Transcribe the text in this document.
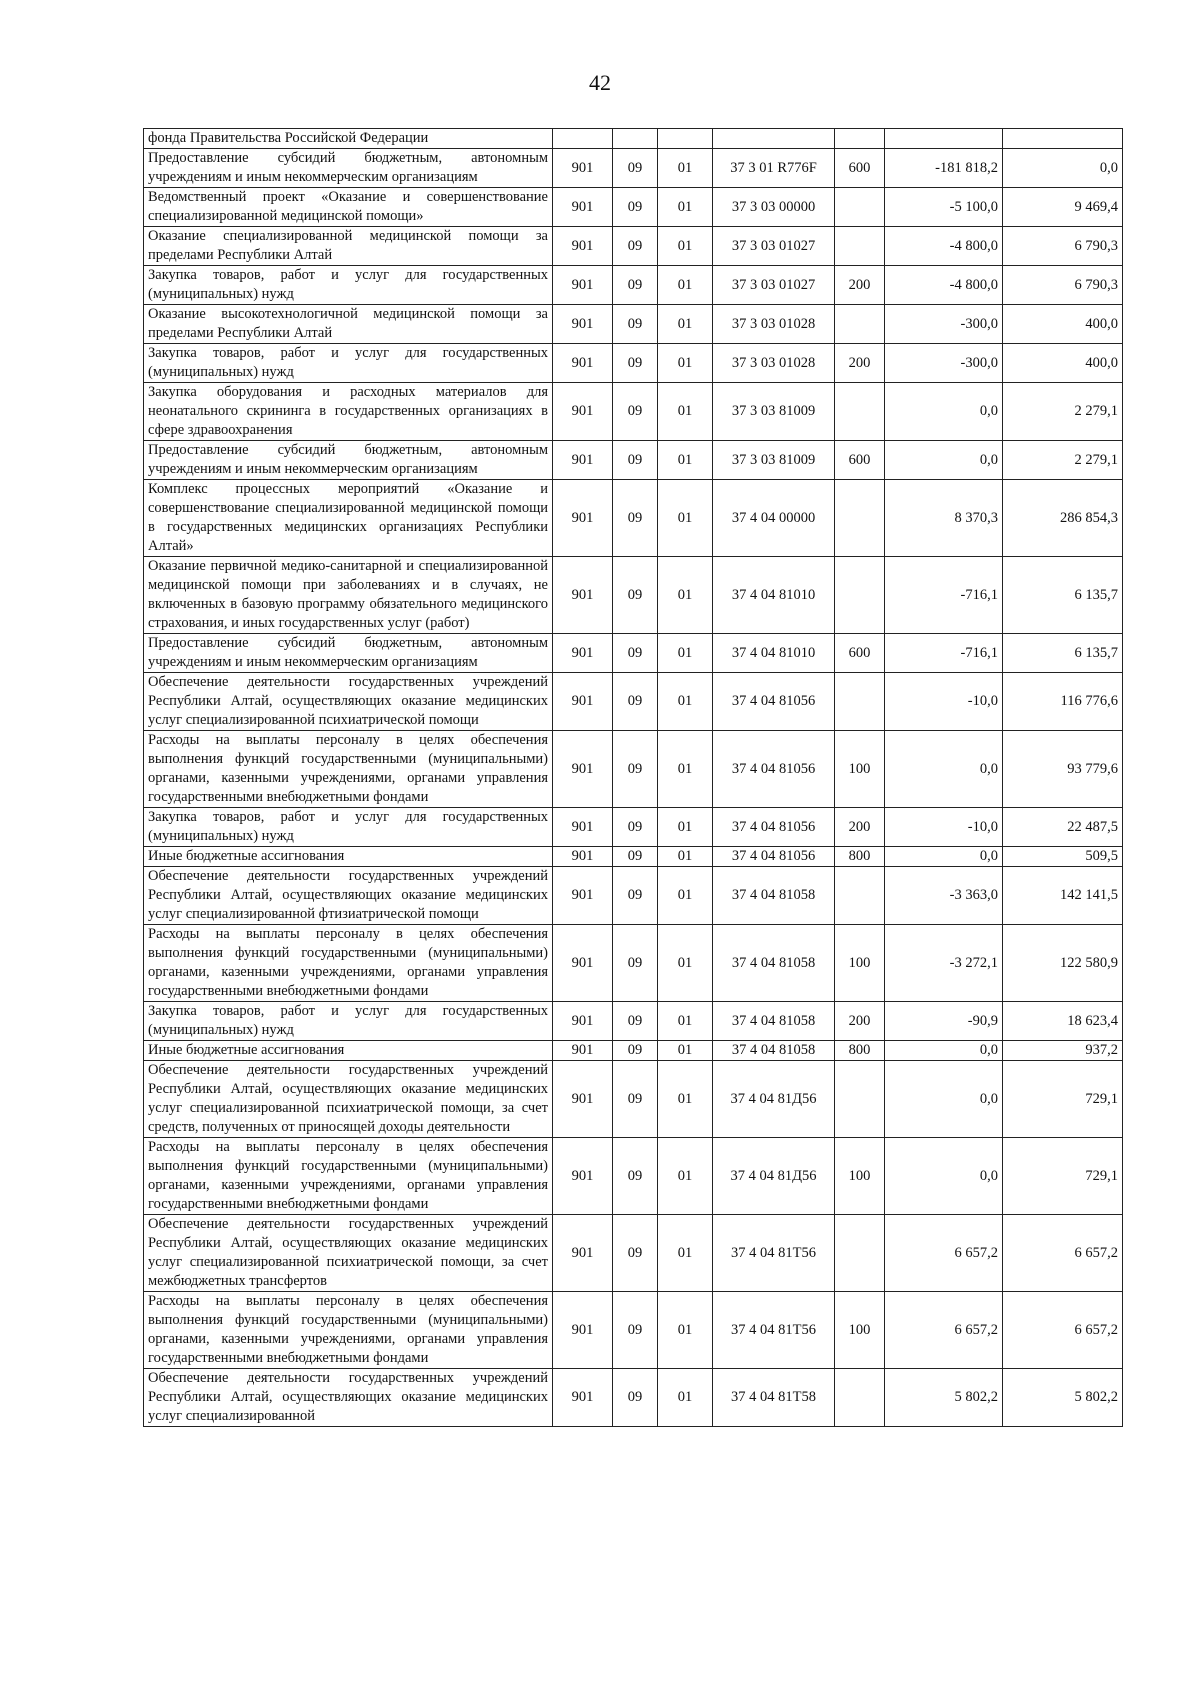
42
фонда Правительства Российской Федерации							
Предоставление субсидий бюджетным, автономным учреждениям и иным некоммерческим организациям	901	09	01	37 3 01 R776F	600	-181 818,2	0,0
Ведомственный проект «Оказание и совершенствование специализированной медицинской помощи»	901	09	01	37 3 03 00000		-5 100,0	9 469,4
Оказание специализированной медицинской помощи за пределами Республики Алтай	901	09	01	37 3 03 01027		-4 800,0	6 790,3
Закупка товаров, работ и услуг для государственных (муниципальных) нужд	901	09	01	37 3 03 01027	200	-4 800,0	6 790,3
Оказание высокотехнологичной медицинской помощи за пределами Республики Алтай	901	09	01	37 3 03 01028		-300,0	400,0
Закупка товаров, работ и услуг для государственных (муниципальных) нужд	901	09	01	37 3 03 01028	200	-300,0	400,0
Закупка оборудования и расходных материалов для неонатального скрининга в государственных организациях в сфере здравоохранения	901	09	01	37 3 03 81009		0,0	2 279,1
Предоставление субсидий бюджетным, автономным учреждениям и иным некоммерческим организациям	901	09	01	37 3 03 81009	600	0,0	2 279,1
Комплекс процессных мероприятий «Оказание и совершенствование специализированной медицинской помощи в государственных медицинских организациях Республики Алтай»	901	09	01	37 4 04 00000		8 370,3	286 854,3
Оказание первичной медико-санитарной и специализированной медицинской помощи при заболеваниях и в случаях, не включенных в базовую программу обязательного медицинского страхования, и иных государственных услуг (работ)	901	09	01	37 4 04 81010		-716,1	6 135,7
Предоставление субсидий бюджетным, автономным учреждениям и иным некоммерческим организациям	901	09	01	37 4 04 81010	600	-716,1	6 135,7
Обеспечение деятельности государственных учреждений Республики Алтай, осуществляющих оказание медицинских услуг специализированной психиатрической помощи	901	09	01	37 4 04 81056		-10,0	116 776,6
Расходы на выплаты персоналу в целях обеспечения выполнения функций государственными (муниципальными) органами, казенными учреждениями, органами управления государственными внебюджетными фондами	901	09	01	37 4 04 81056	100	0,0	93 779,6
Закупка товаров, работ и услуг для государственных (муниципальных) нужд	901	09	01	37 4 04 81056	200	-10,0	22 487,5
Иные бюджетные ассигнования	901	09	01	37 4 04 81056	800	0,0	509,5
Обеспечение деятельности государственных учреждений Республики Алтай, осуществляющих оказание медицинских услуг специализированной фтизиатрической помощи	901	09	01	37 4 04 81058		-3 363,0	142 141,5
Расходы на выплаты персоналу в целях обеспечения выполнения функций государственными (муниципальными) органами, казенными учреждениями, органами управления государственными внебюджетными фондами	901	09	01	37 4 04 81058	100	-3 272,1	122 580,9
Закупка товаров, работ и услуг для государственных (муниципальных) нужд	901	09	01	37 4 04 81058	200	-90,9	18 623,4
Иные бюджетные ассигнования	901	09	01	37 4 04 81058	800	0,0	937,2
Обеспечение деятельности государственных учреждений Республики Алтай, осуществляющих оказание медицинских услуг специализированной психиатрической помощи, за счет средств, полученных от приносящей доходы деятельности	901	09	01	37 4 04 81Д56		0,0	729,1
Расходы на выплаты персоналу в целях обеспечения выполнения функций государственными (муниципальными) органами, казенными учреждениями, органами управления государственными внебюджетными фондами	901	09	01	37 4 04 81Д56	100	0,0	729,1
Обеспечение деятельности государственных учреждений Республики Алтай, осуществляющих оказание медицинских услуг специализированной психиатрической помощи, за счет межбюджетных трансфертов	901	09	01	37 4 04 81Т56		6 657,2	6 657,2
Расходы на выплаты персоналу в целях обеспечения выполнения функций государственными (муниципальными) органами, казенными учреждениями, органами управления государственными внебюджетными фондами	901	09	01	37 4 04 81Т56	100	6 657,2	6 657,2
Обеспечение деятельности государственных учреждений Республики Алтай, осуществляющих оказание медицинских услуг специализированной	901	09	01	37 4 04 81Т58		5 802,2	5 802,2
